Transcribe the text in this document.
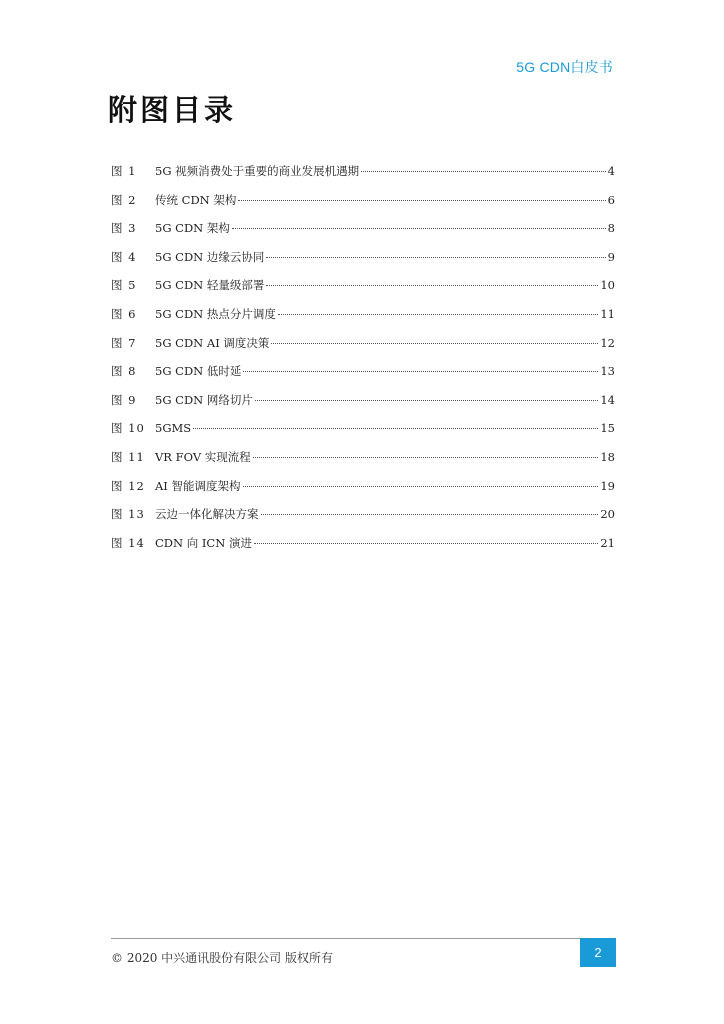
5G CDN白皮书
附图目录
图 1	5G 视频消费处于重要的商业发展机遇期	4
图 2	传统 CDN 架构	6
图 3	5G CDN 架构	8
图 4	5G CDN 边缘云协同	9
图 5	5G CDN 轻量级部署	10
图 6	5G CDN 热点分片调度	11
图 7	5G CDN AI 调度决策	12
图 8	5G CDN 低时延	13
图 9	5G CDN 网络切片	14
图 10 5GMS	15
图 11 VR FOV 实现流程	18
图 12 AI 智能调度架构	19
图 13 云边一体化解决方案	20
图 14 CDN 向 ICN 演进	21
© 2020 中兴通讯股份有限公司 版权所有	2
